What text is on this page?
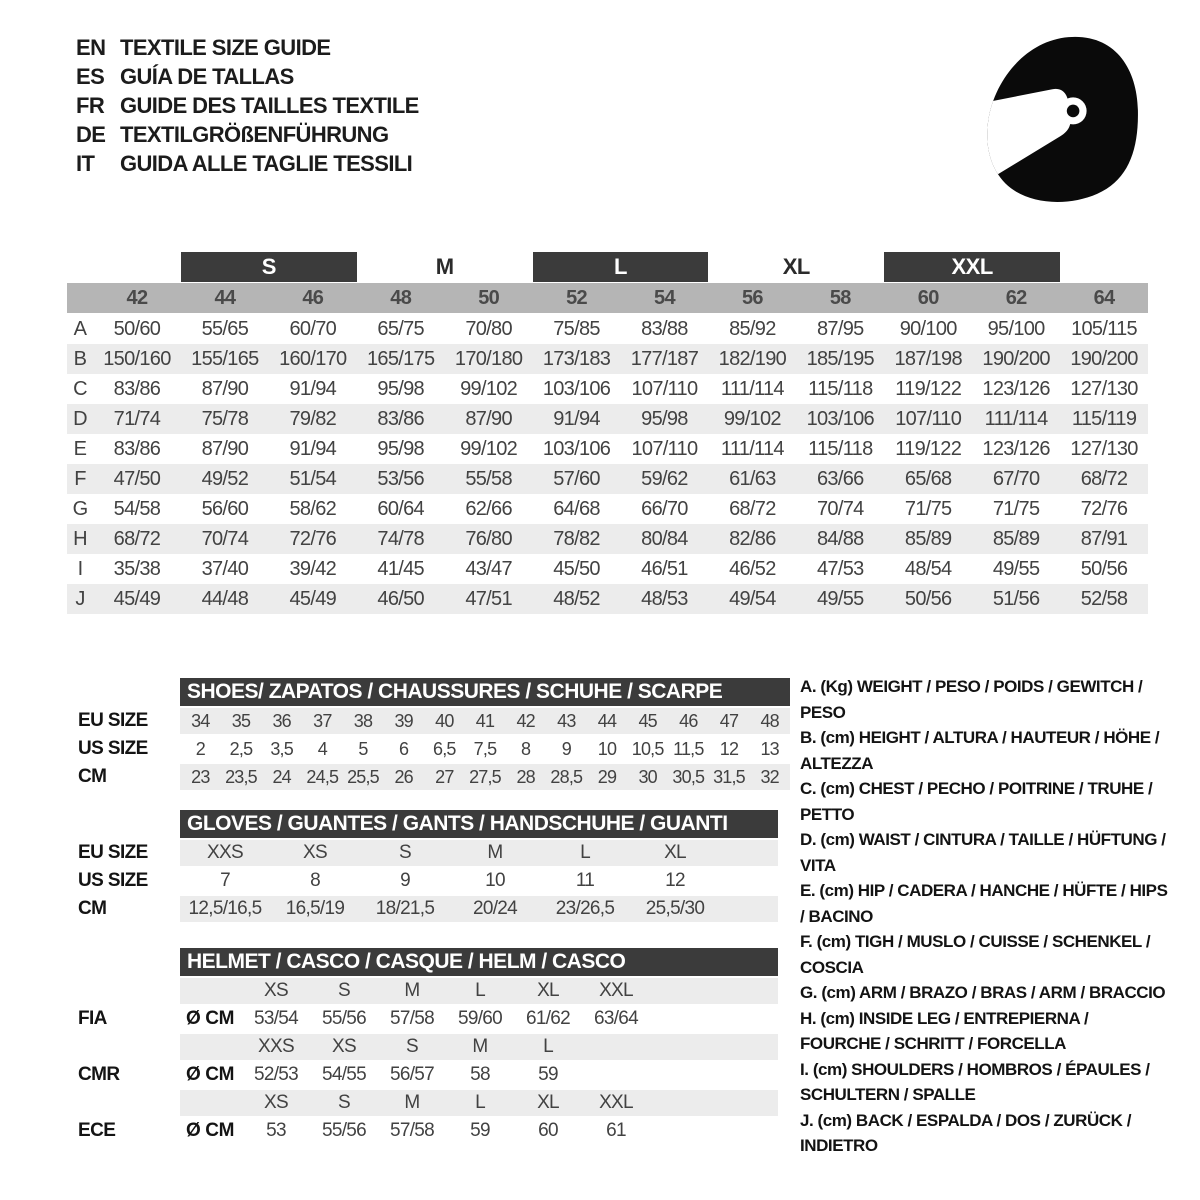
EN TEXTILE SIZE GUIDE
ES GUÍA DE TALLAS
FR GUIDE DES TAILLES TEXTILE
DE TEXTILGRÖßENFÜHRUNG
IT	GUIDA ALLE TAGLIE TESSILI
S	M	L	XL	XXL
42	44	46	48	50	52	54	56	58	60	62	64
A	50/60	55/65	60/70	65/75	70/80	75/85	83/88	85/92	87/95	90/100	95/100	105/115
B 150/160	155/165	160/170	165/175	170/180	173/183	177/187	182/190	185/195	187/198	190/200	190/200
C	83/86	87/90	91/94	95/98	99/102	103/106	107/110	111/114	115/118	119/122	123/126	127/130
D	71/74	75/78	79/82	83/86	87/90	91/94	95/98	99/102	103/106	107/110	111/114	115/119
E	83/86	87/90	91/94	95/98	99/102	103/106	107/110	111/114	115/118	119/122	123/126	127/130
F	47/50	49/52	51/54	53/56	55/58	57/60	59/62	61/63	63/66	65/68	67/70	68/72
G	54/58	56/60	58/62	60/64	62/66	64/68	66/70	68/72	70/74	71/75	71/75	72/76
H	68/72	70/74	72/76	74/78	76/80	78/82	80/84	82/86	84/88	85/89	85/89	87/91
I	35/38	37/40	39/42	41/45	43/47	45/50	46/51	46/52	47/53	48/54	49/55	50/56
J	45/49	44/48	45/49	46/50	47/51	48/52	48/53	49/54	49/55	50/56	51/56	52/58
SHOES/ ZAPATOS / CHAUSSURES / SCHUHE / SCARPE
EU SIZE	34	35	36	37	38	39	40	41	42	43	44	45	46	47	48
US SIZE	2	2,5	3,5	4	5	6	6,5	7,5	8	9	10 10,5 11,5 12	13
CM	23 23,5 24 24,5 25,5 26	27 27,5 28 28,5 29	30 30,5 31,5 32
GLOVES / GUANTES / GANTS / HANDSCHUHE / GUANTI
EU SIZE	XXS	XS	S	M	L	XL
US SIZE	7	8	9	10	11	12
CM	12,5/16,5	16,5/19	18/21,5	20/24	23/26,5	25,5/30
HELMET / CASCO / CASQUE / HELM / CASCO
XS	S	M	L	XL	XXL
FIA	Ø CM	53/54	55/56	57/58	59/60	61/62	63/64
XXS	XS	S	M	L
CMR	Ø CM	52/53	54/55	56/57	58	59
XS	S	M	L	XL	XXL
ECE	Ø CM	53	55/56	57/58	59	60	61
A. (Kg) WEIGHT / PESO / POIDS / GEWITCH / PESO
B. (cm) HEIGHT / ALTURA / HAUTEUR / HÖHE / ALTEZZA
C. (cm) CHEST / PECHO / POITRINE / TRUHE / PETTO
D. (cm) WAIST / CINTURA / TAILLE / HÜFTUNG / VITA
E. (cm) HIP / CADERA / HANCHE / HÜFTE / HIPS / BACINO
F. (cm) TIGH / MUSLO / CUISSE / SCHENKEL / COSCIA
G. (cm) ARM / BRAZO / BRAS / ARM / BRACCIO
H. (cm) INSIDE LEG / ENTREPIERNA / FOURCHE / SCHRITT / FORCELLA
I. (cm) SHOULDERS / HOMBROS / ÉPAULES / SCHULTERN / SPALLE
J. (cm) BACK / ESPALDA / DOS / ZURÜCK / INDIETRO
